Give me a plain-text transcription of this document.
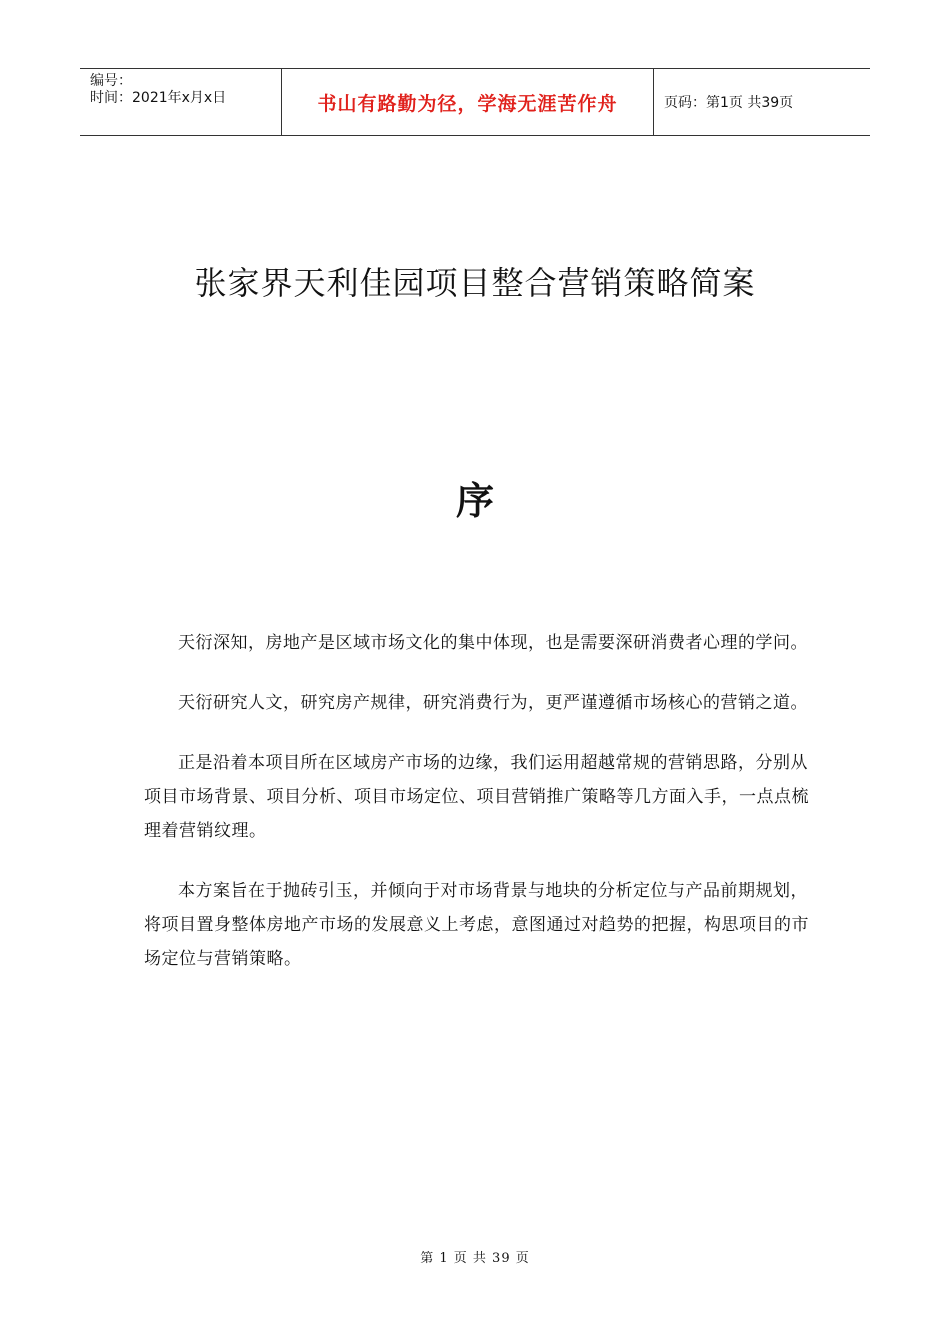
编号：
时间：2021年x月x日	书山有路勤为径，学海无涯苦作舟	页码：第1页 共39页
张家界天利佳园项目整合营销策略简案
序

天衍深知，房地产是区域市场文化的集中体现，也是需要深研消费者心理的学问。

天衍研究人文，研究房产规律，研究消费行为，更严谨遵循市场核心的营销之道。

正是沿着本项目所在区域房产市场的边缘，我们运用超越常规的营销思路，分别从项目市场背景、项目分析、项目市场定位、项目营销推广策略等几方面入手，一点点梳理着营销纹理。

本方案旨在于抛砖引玉，并倾向于对市场背景与地块的分析定位与产品前期规划，将项目置身整体房地产市场的发展意义上考虑，意图通过对趋势的把握，构思项目的市场定位与营销策略。

第 1 页 共 39 页
